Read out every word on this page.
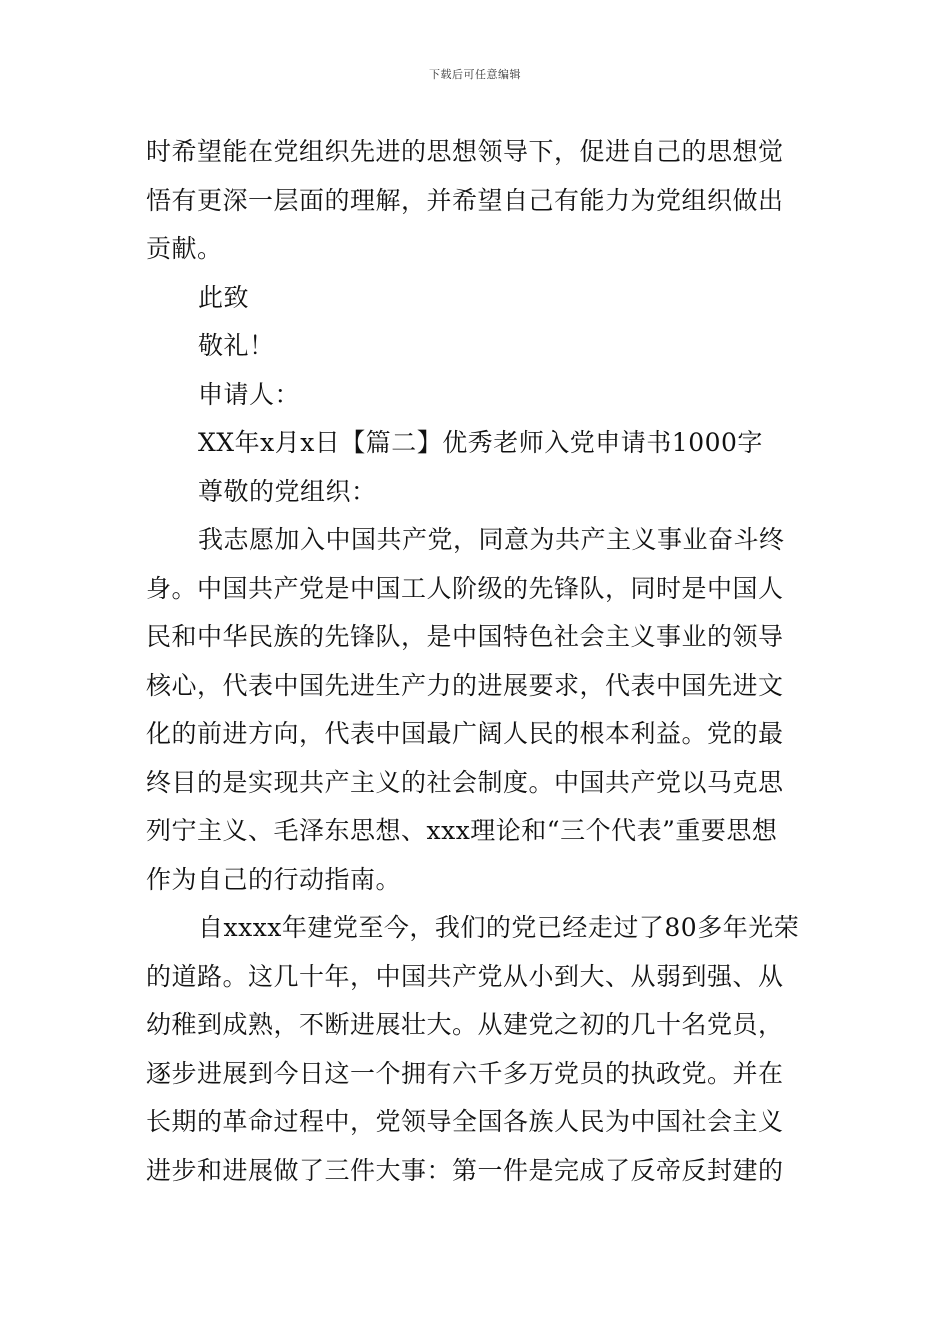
下载后可任意编辑
时希望能在党组织先进的思想领导下，促进自己的思想觉
悟有更深一层面的理解，并希望自己有能力为党组织做出
贡献。
此致
敬礼！
申请人：
XX年x月x日【篇二】优秀老师入党申请书1000字
尊敬的党组织：
我志愿加入中国共产党，同意为共产主义事业奋斗终
身。中国共产党是中国工人阶级的先锋队，同时是中国人
民和中华民族的先锋队，是中国特色社会主义事业的领导
核心，代表中国先进生产力的进展要求，代表中国先进文
化的前进方向，代表中国最广阔人民的根本利益。党的最
终目的是实现共产主义的社会制度。中国共产党以马克思
列宁主义、毛泽东思想、xxx理论和“三个代表”重要思想
作为自己的行动指南。
自xxxx年建党至今，我们的党已经走过了80多年光荣
的道路。这几十年，中国共产党从小到大、从弱到强、从
幼稚到成熟，不断进展壮大。从建党之初的几十名党员，
逐步进展到今日这一个拥有六千多万党员的执政党。并在
长期的革命过程中，党领导全国各族人民为中国社会主义
进步和进展做了三件大事：第一件是完成了反帝反封建的
